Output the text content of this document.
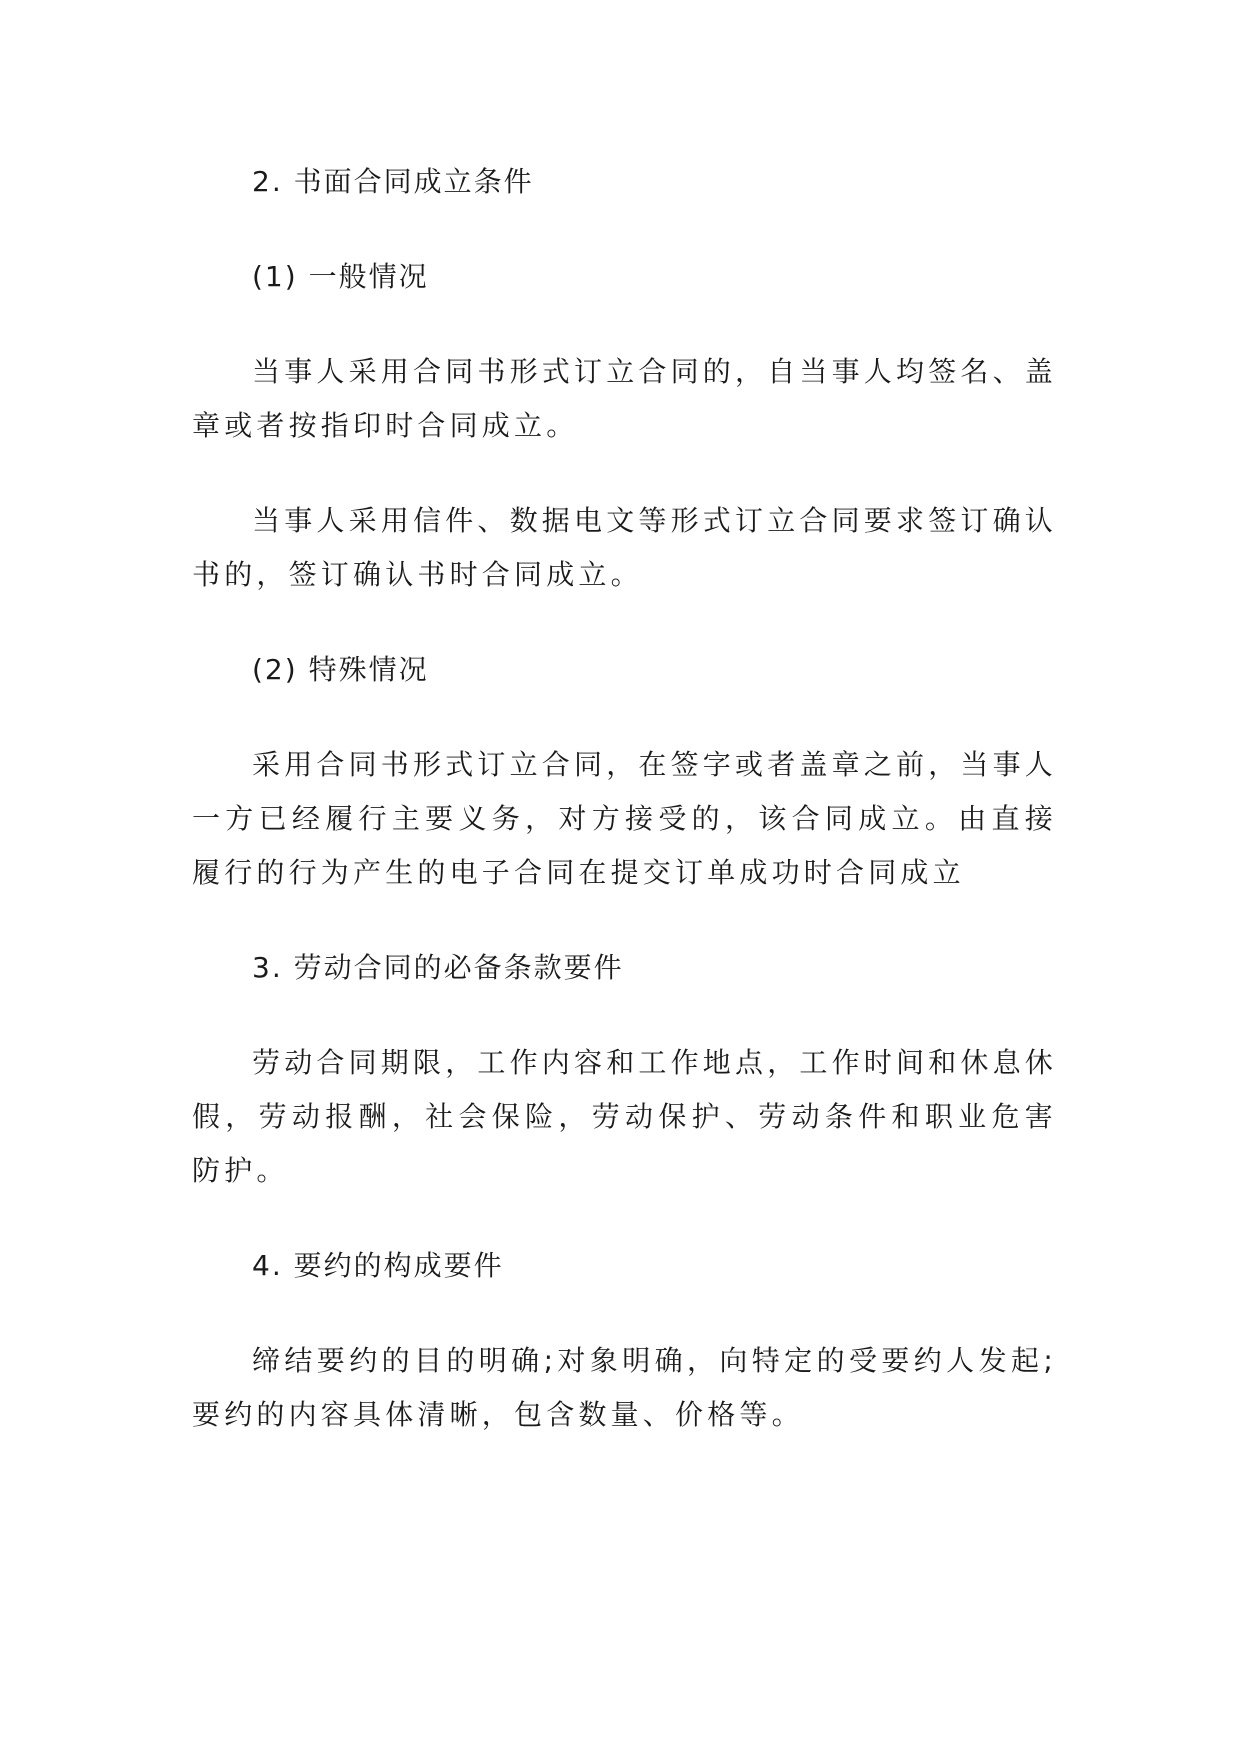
2. 书面合同成立条件

(1) 一般情况

当事人采用合同书形式订立合同的，自当事人均签名、盖章或者按指印时合同成立。

当事人采用信件、数据电文等形式订立合同要求签订确认书的，签订确认书时合同成立。

(2) 特殊情况

采用合同书形式订立合同，在签字或者盖章之前，当事人一方已经履行主要义务，对方接受的，该合同成立。由直接履行的行为产生的电子合同在提交订单成功时合同成立

3. 劳动合同的必备条款要件

劳动合同期限，工作内容和工作地点，工作时间和休息休假，劳动报酬，社会保险，劳动保护、劳动条件和职业危害防护。

4. 要约的构成要件

缔结要约的目的明确;对象明确，向特定的受要约人发起;要约的内容具体清晰，包含数量、价格等。
